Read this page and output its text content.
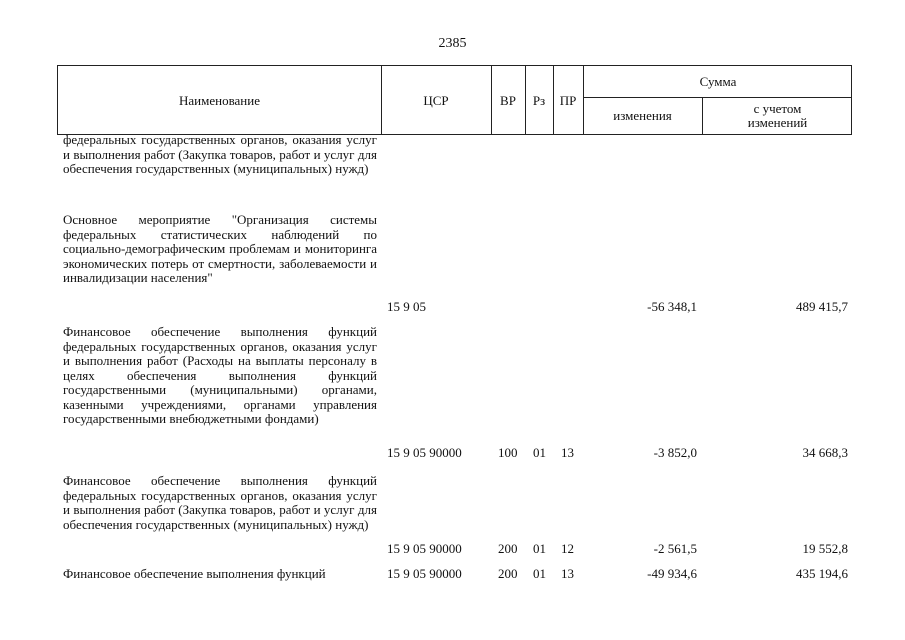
2385
Наименование	ЦСР	ВР	Рз	ПР
Сумма
изменения	с учетом изменений
федеральных государственных органов, оказания услуг и выполнения работ (Закупка товаров, работ и услуг для обеспечения государственных (муниципальных) нужд)
Основное мероприятие "Организация системы федеральных статистических наблюдений по социально-демографическим проблемам и мониторинга экономических потерь от смертности, заболеваемости и инвалидизации населения"
15 9 05	-56 348,1	489 415,7
Финансовое обеспечение выполнения функций федеральных государственных органов, оказания услуг и выполнения работ (Расходы на выплаты персоналу в целях обеспечения выполнения функций государственными (муниципальными) органами, казенными учреждениями, органами управления государственными внебюджетными фондами)
15 9 05 90000	100 01 13	-3 852,0	34 668,3
Финансовое обеспечение выполнения функций федеральных государственных органов, оказания услуг и выполнения работ (Закупка товаров, работ и услуг для обеспечения государственных (муниципальных) нужд)
15 9 05 90000	200 01 12	-2 561,5	19 552,8
Финансовое обеспечение выполнения функций	15 9 05 90000	200 01 13	-49 934,6	435 194,6
